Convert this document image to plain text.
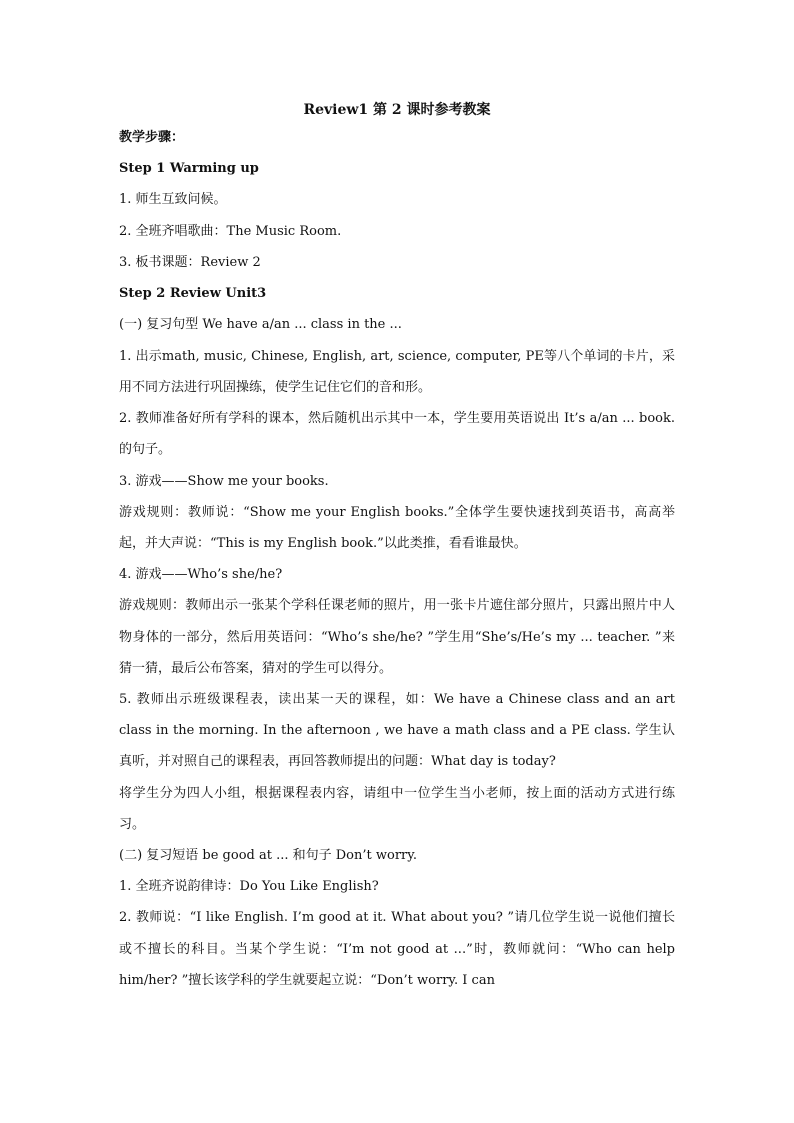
Review1 第 2 课时参考教案
教学步骤：
Step 1 Warming up
1. 师生互致问候。
2. 全班齐唱歌曲：The Music Room.
3. 板书课题：Review 2
Step 2 Review Unit3
(一) 复习句型 We have a/an ... class in the ...
1. 出示math, music, Chinese, English, art, science, computer, PE等八个单词的卡片，采用不同方法进行巩固操练，使学生记住它们的音和形。
2. 教师准备好所有学科的课本，然后随机出示其中一本，学生要用英语说出 It’s a/an ... book.的句子。
3. 游戏——Show me your books.
游戏规则：教师说：“Show me your English books.”全体学生要快速找到英语书，高高举起，并大声说：“This is my English book.”以此类推，看看谁最快。
4. 游戏——Who’s she/he?
游戏规则：教师出示一张某个学科任课老师的照片，用一张卡片遮住部分照片，只露出照片中人物身体的一部分，然后用英语问：“Who’s she/he? ”学生用“She’s/He’s my ... teacher. ”来猜一猜，最后公布答案，猜对的学生可以得分。
5. 教师出示班级课程表，读出某一天的课程，如：We have a Chinese class and an art class in the morning. In the afternoon , we have a math class and a PE class. 学生认真听，并对照自己的课程表，再回答教师提出的问题：What day is today?
将学生分为四人小组，根据课程表内容，请组中一位学生当小老师，按上面的活动方式进行练习。
(二) 复习短语 be good at ... 和句子 Don’t worry.
1. 全班齐说韵律诗：Do You Like English?
2. 教师说：“I like English. I’m good at it. What about you? ”请几位学生说一说他们擅长或不擅长的科目。当某个学生说：“I’m not good at ...”时，教师就问：“Who can help him/her? ”擅长该学科的学生就要起立说：“Don’t worry. I can
